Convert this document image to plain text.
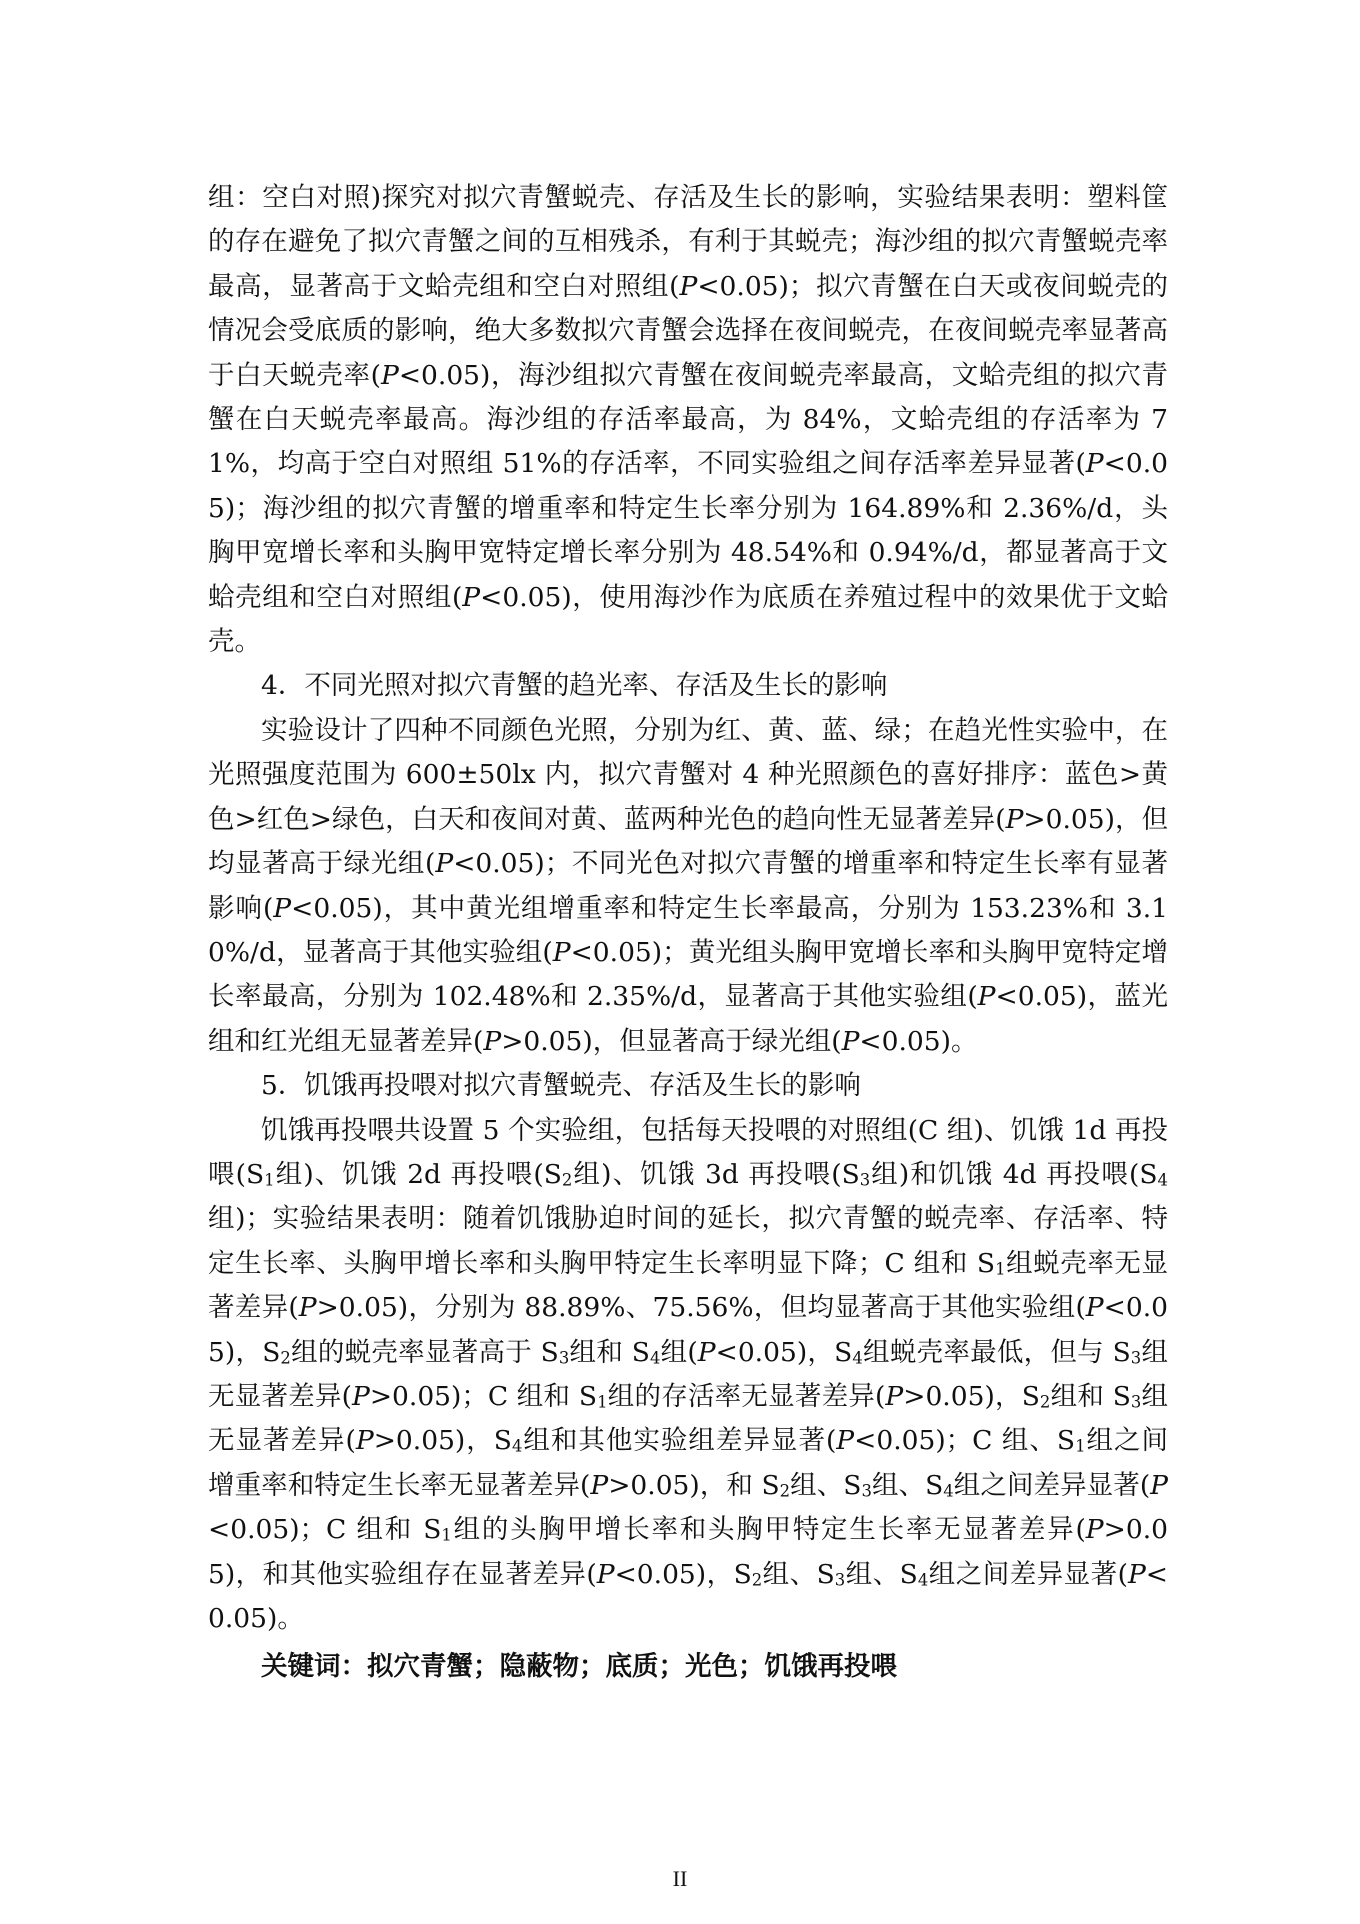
组：空白对照)探究对拟穴青蟹蜕壳、存活及生长的影响，实验结果表明：塑料筐的存在避免了拟穴青蟹之间的互相残杀，有利于其蜕壳；海沙组的拟穴青蟹蜕壳率最高，显著高于文蛤壳组和空白对照组(P<0.05)；拟穴青蟹在白天或夜间蜕壳的情况会受底质的影响，绝大多数拟穴青蟹会选择在夜间蜕壳，在夜间蜕壳率显著高于白天蜕壳率(P<0.05)，海沙组拟穴青蟹在夜间蜕壳率最高，文蛤壳组的拟穴青蟹在白天蜕壳率最高。海沙组的存活率最高，为 84%，文蛤壳组的存活率为 71%，均高于空白对照组 51%的存活率，不同实验组之间存活率差异显著(P<0.05)；海沙组的拟穴青蟹的增重率和特定生长率分别为 164.89%和 2.36%/d，头胸甲宽增长率和头胸甲宽特定增长率分别为 48.54%和 0.94%/d，都显著高于文蛤壳组和空白对照组(P<0.05)，使用海沙作为底质在养殖过程中的效果优于文蛤壳。

4．不同光照对拟穴青蟹的趋光率、存活及生长的影响

实验设计了四种不同颜色光照，分别为红、黄、蓝、绿；在趋光性实验中，在光照强度范围为 600±50lx 内，拟穴青蟹对 4 种光照颜色的喜好排序：蓝色>黄色>红色>绿色，白天和夜间对黄、蓝两种光色的趋向性无显著差异(P>0.05)，但均显著高于绿光组(P<0.05)；不同光色对拟穴青蟹的增重率和特定生长率有显著影响(P<0.05)，其中黄光组增重率和特定生长率最高，分别为 153.23%和 3.10%/d，显著高于其他实验组(P<0.05)；黄光组头胸甲宽增长率和头胸甲宽特定增长率最高，分别为 102.48%和 2.35%/d，显著高于其他实验组(P<0.05)，蓝光组和红光组无显著差异(P>0.05)，但显著高于绿光组(P<0.05)。

5．饥饿再投喂对拟穴青蟹蜕壳、存活及生长的影响

饥饿再投喂共设置 5 个实验组，包括每天投喂的对照组(C 组)、饥饿 1d 再投喂($S_1$组)、饥饿 2d 再投喂($S_2$组)、饥饿 3d 再投喂($S_3$组)和饥饿 4d 再投喂($S_4$组)；实验结果表明：随着饥饿胁迫时间的延长，拟穴青蟹的蜕壳率、存活率、特定生长率、头胸甲增长率和头胸甲特定生长率明显下降；C 组和 $S_1$组蜕壳率无显著差异(P>0.05)，分别为 88.89%、75.56%，但均显著高于其他实验组(P<0.05)，$S_2$组的蜕壳率显著高于 $S_3$组和 $S_4$组(P<0.05)，$S_4$组蜕壳率最低，但与 $S_3$组无显著差异(P>0.05)；C 组和 $S_1$组的存活率无显著差异(P>0.05)，$S_2$组和 $S_3$组无显著差异(P>0.05)，$S_4$组和其他实验组差异显著(P<0.05)；C 组、$S_1$组之间增重率和特定生长率无显著差异(P>0.05)，和 $S_2$组、$S_3$组、$S_4$组之间差异显著(P<0.05)；C 组和 $S_1$组的头胸甲增长率和头胸甲特定生长率无显著差异(P>0.05)，和其他实验组存在显著差异(P<0.05)，$S_2$组、$S_3$组、$S_4$组之间差异显著(P<0.05)。

关键词：拟穴青蟹；隐蔽物；底质；光色；饥饿再投喂

II
